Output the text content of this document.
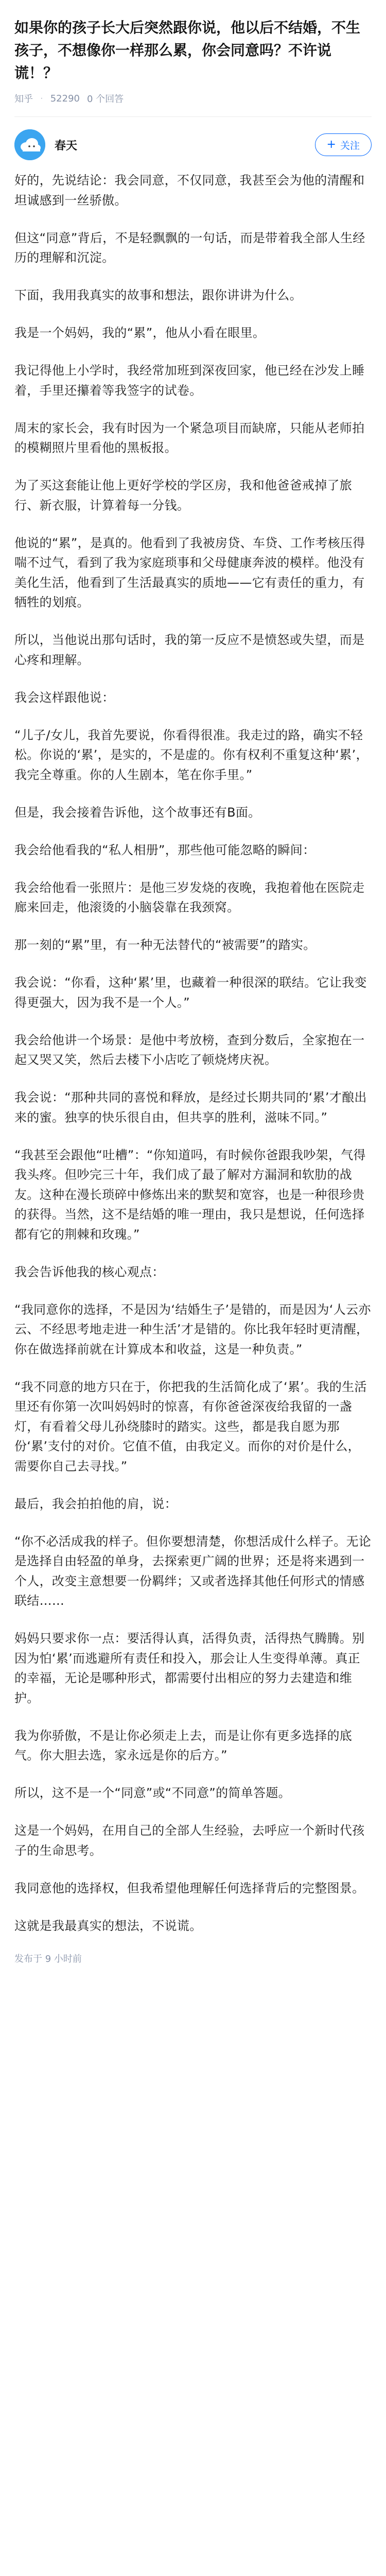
如果你的孩子长大后突然跟你说，他以后不结婚，不生孩子，不想像你一样那么累，你会同意吗？不许说谎！？
知乎 · 52290 0 个回答
春天	+ 关注

好的，先说结论：我会同意，不仅同意，我甚至会为他的清醒和坦诚感到一丝骄傲。

但这“同意”背后，不是轻飘飘的一句话，而是带着我全部人生经历的理解和沉淀。

下面，我用我真实的故事和想法，跟你讲讲为什么。

我是一个妈妈，我的“累”，他从小看在眼里。

我记得他上小学时，我经常加班到深夜回家，他已经在沙发上睡着，手里还攥着等我签字的试卷。

周末的家长会，我有时因为一个紧急项目而缺席，只能从老师拍的模糊照片里看他的黑板报。

为了买这套能让他上更好学校的学区房，我和他爸爸戒掉了旅行、新衣服，计算着每一分钱。

他说的“累”，是真的。他看到了我被房贷、车贷、工作考核压得喘不过气，看到了我为家庭琐事和父母健康奔波的模样。他没有美化生活，他看到了生活最真实的质地——它有责任的重力，有牺牲的划痕。

所以，当他说出那句话时，我的第一反应不是愤怒或失望，而是心疼和理解。

我会这样跟他说：

“儿子/女儿，我首先要说，你看得很准。我走过的路，确实不轻松。你说的‘累’，是实的，不是虚的。你有权利不重复这种‘累’，我完全尊重。你的人生剧本，笔在你手里。”

但是，我会接着告诉他，这个故事还有B面。

我会给他看我的“私人相册”，那些他可能忽略的瞬间：

我会给他看一张照片：是他三岁发烧的夜晚，我抱着他在医院走廊来回走，他滚烫的小脑袋靠在我颈窝。

那一刻的“累”里，有一种无法替代的“被需要”的踏实。

我会说：“你看，这种‘累’里，也藏着一种很深的联结。它让我变得更强大，因为我不是一个人。”

我会给他讲一个场景：是他中考放榜，查到分数后，全家抱在一起又哭又笑，然后去楼下小店吃了顿烧烤庆祝。

我会说：“那种共同的喜悦和释放，是经过长期共同的‘累’才酿出来的蜜。独享的快乐很自由，但共享的胜利，滋味不同。”

“我甚至会跟他“吐槽”：“你知道吗，有时候你爸跟我吵架，气得我头疼。但吵完三十年，我们成了最了解对方漏洞和软肋的战友。这种在漫长琐碎中修炼出来的默契和宽容，也是一种很珍贵的获得。当然，这不是结婚的唯一理由，我只是想说，任何选择都有它的荆棘和玫瑰。”

我会告诉他我的核心观点：

“我同意你的选择，不是因为‘结婚生子’是错的，而是因为‘人云亦云、不经思考地走进一种生活’才是错的。你比我年轻时更清醒，你在做选择前就在计算成本和收益，这是一种负责。”

“我不同意的地方只在于，你把我的生活简化成了‘累’。我的生活里还有你第一次叫妈妈时的惊喜，有你爸爸深夜给我留的一盏灯，有看着父母儿孙绕膝时的踏实。这些，都是我自愿为那份‘累’支付的对价。它值不值，由我定义。而你的对价是什么，需要你自己去寻找。”

最后，我会拍拍他的肩，说：

“你不必活成我的样子。但你要想清楚，你想活成什么样子。无论是选择自由轻盈的单身，去探索更广阔的世界；还是将来遇到一个人，改变主意想要一份羁绊；又或者选择其他任何形式的情感联结……

妈妈只要求你一点：要活得认真，活得负责，活得热气腾腾。别因为怕‘累’而逃避所有责任和投入，那会让人生变得单薄。真正的幸福，无论是哪种形式，都需要付出相应的努力去建造和维护。

我为你骄傲，不是让你必须走上去，而是让你有更多选择的底气。你大胆去选，家永远是你的后方。”

所以，这不是一个“同意”或“不同意”的简单答题。

这是一个妈妈，在用自己的全部人生经验，去呼应一个新时代孩子的生命思考。

我同意他的选择权，但我希望他理解任何选择背后的完整图景。

这就是我最真实的想法，不说谎。

发布于 9 小时前
